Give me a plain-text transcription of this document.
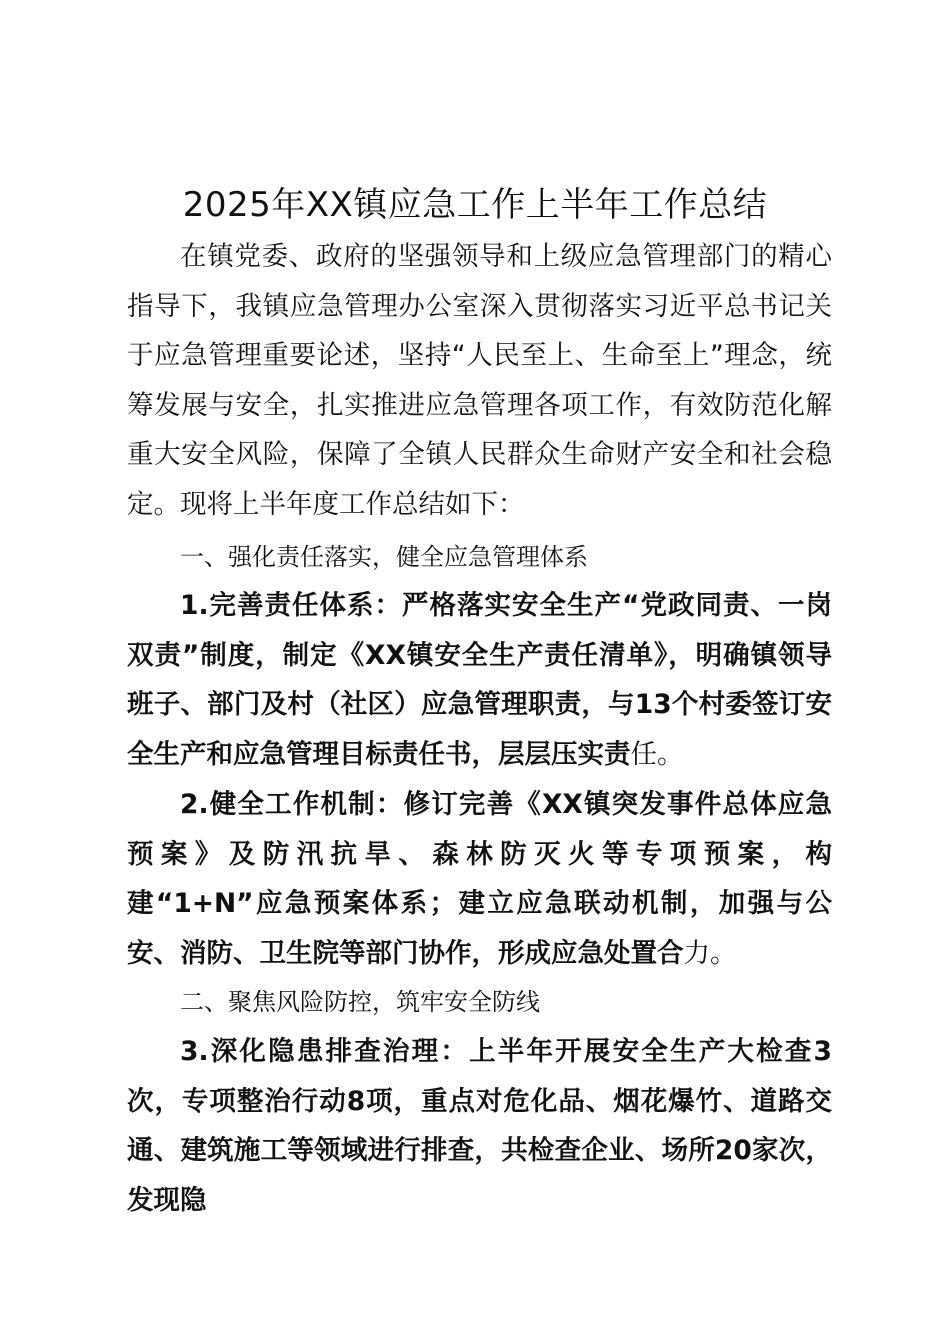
2025年XX镇应急工作上半年工作总结

在镇党委、政府的坚强领导和上级应急管理部门的精心指导下，我镇应急管理办公室深入贯彻落实习近平总书记关于应急管理重要论述，坚持“人民至上、生命至上”理念，统筹发展与安全，扎实推进应急管理各项工作，有效防范化解重大安全风险，保障了全镇人民群众生命财产安全和社会稳定。现将上半年度工作总结如下：

一、强化责任落实，健全应急管理体系

1.完善责任体系：严格落实安全生产“党政同责、一岗双责”制度，制定《XX镇安全生产责任清单》，明确镇领导班子、部门及村（社区）应急管理职责，与13个村委签订安全生产和应急管理目标责任书，层层压实责任。

2.健全工作机制：修订完善《XX镇突发事件总体应急预案》及防汛抗旱、森林防灭火等专项预案，构建“1+N”应急预案体系；建立应急联动机制，加强与公安、消防、卫生院等部门协作，形成应急处置合力。

二、聚焦风险防控，筑牢安全防线

3.深化隐患排查治理：上半年开展安全生产大检查3次，专项整治行动8项，重点对危化品、烟花爆竹、道路交通、建筑施工等领域进行排查，共检查企业、场所20家次，发现隐
